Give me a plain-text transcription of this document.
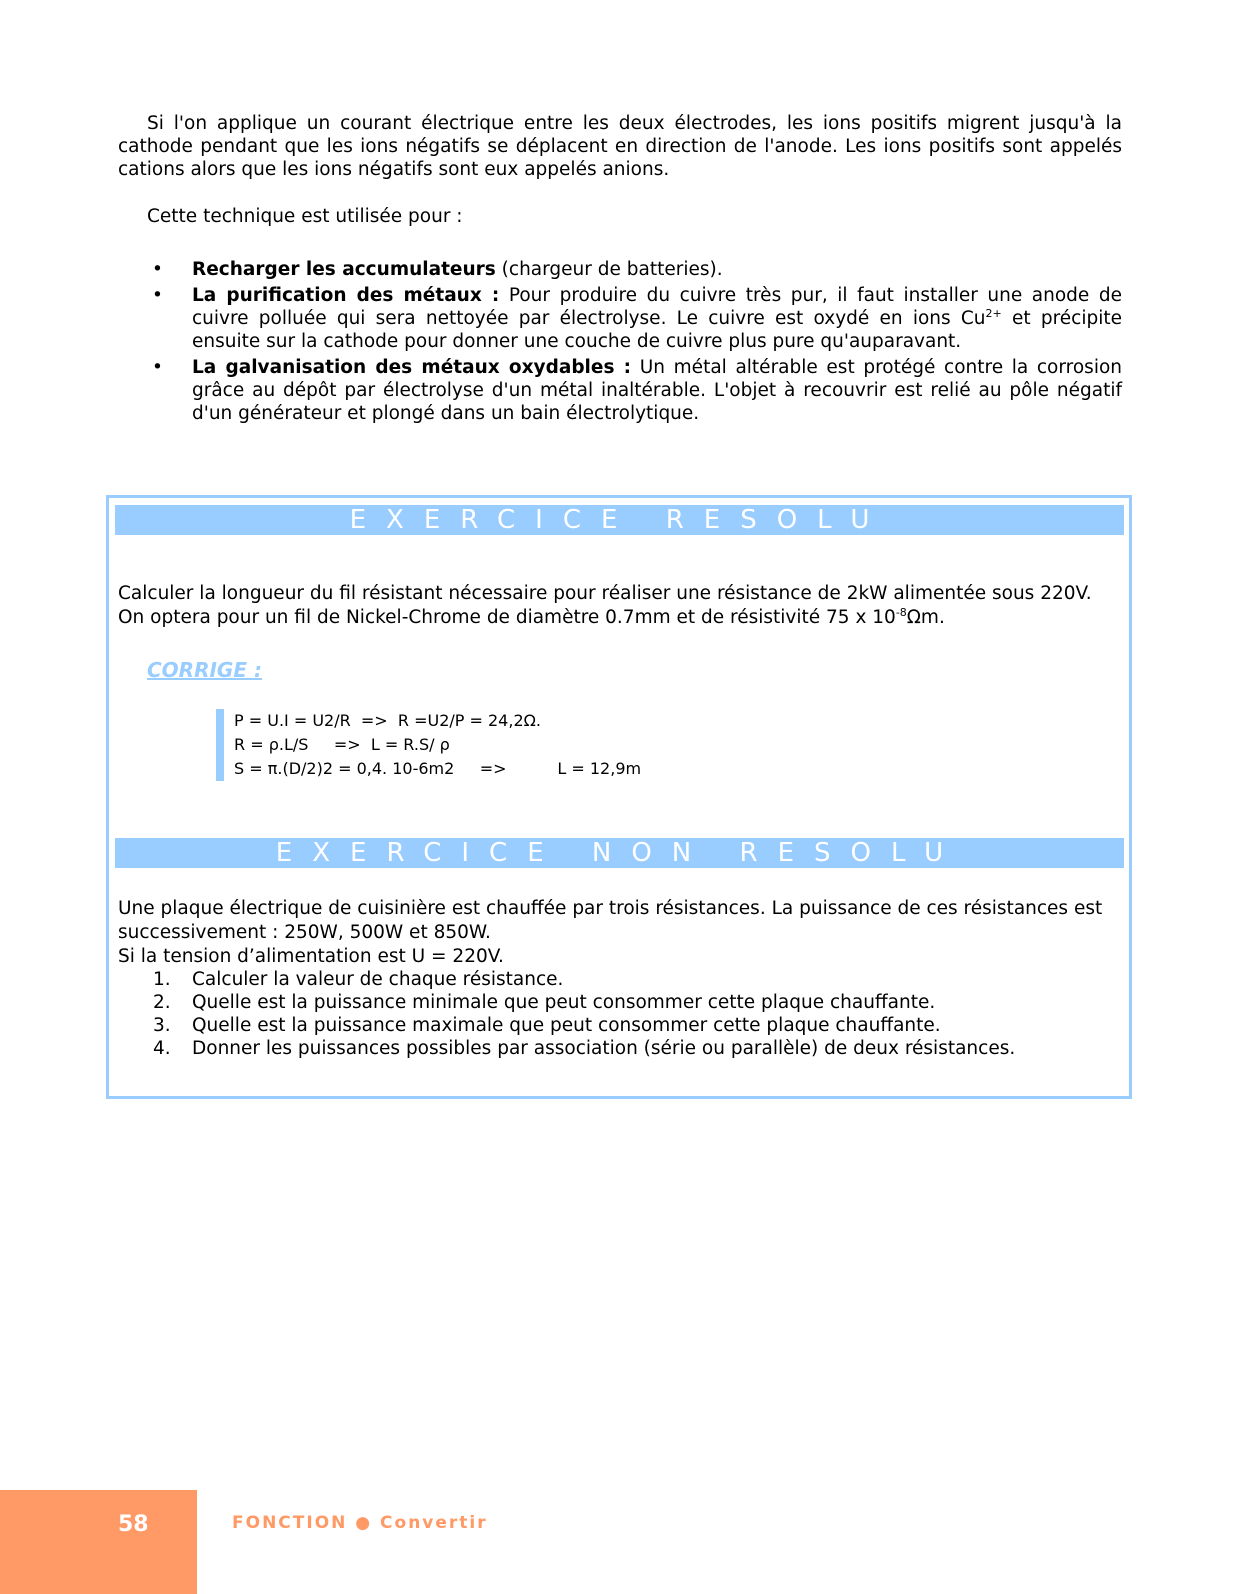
Si l'on applique un courant électrique entre les deux électrodes, les ions positifs migrent jusqu'à la cathode pendant que les ions négatifs se déplacent en direction de l'anode. Les ions positifs sont appelés cations alors que les ions négatifs sont eux appelés anions.

Cette technique est utilisée pour :

• Recharger les accumulateurs (chargeur de batteries).
• La purification des métaux : Pour produire du cuivre très pur, il faut installer une anode de cuivre polluée qui sera nettoyée par électrolyse. Le cuivre est oxydé en ions $Cu^{2+}$ et précipite ensuite sur la cathode pour donner une couche de cuivre plus pure qu'auparavant.
• La galvanisation des métaux oxydables : Un métal altérable est protégé contre la corrosion grâce au dépôt par électrolyse d'un métal inaltérable. L'objet à recouvrir est relié au pôle négatif d'un générateur et plongé dans un bain électrolytique.
EXERCICE RESOLU

Calculer la longueur du fil résistant nécessaire pour réaliser une résistance de 2kW alimentée sous 220V.
On optera pour un fil de Nickel-Chrome de diamètre 0.7mm et de résistivité 75 x $10^{-8}\Omega m$.

CORRIGE :
P = U.I = U2/R  =>  R =U2/P = 24,2Ω.
R = ρ.L/S     =>  L = R.S/ ρ
S = π.(D/2)2 = 0,4. 10-6m2     =>          L = 12,9m
EXERCICE NON RESOLU

Une plaque électrique de cuisinière est chauffée par trois résistances. La puissance de ces résistances est successivement : 250W, 500W et 850W.
Si la tension d’alimentation est U = 220V.

1. Calculer la valeur de chaque résistance.
2. Quelle est la puissance minimale que peut consommer cette plaque chauffante.
3. Quelle est la puissance maximale que peut consommer cette plaque chauffante.
4. Donner les puissances possibles par association (série ou parallèle) de deux résistances.
58	FONCTION ● Convertir
